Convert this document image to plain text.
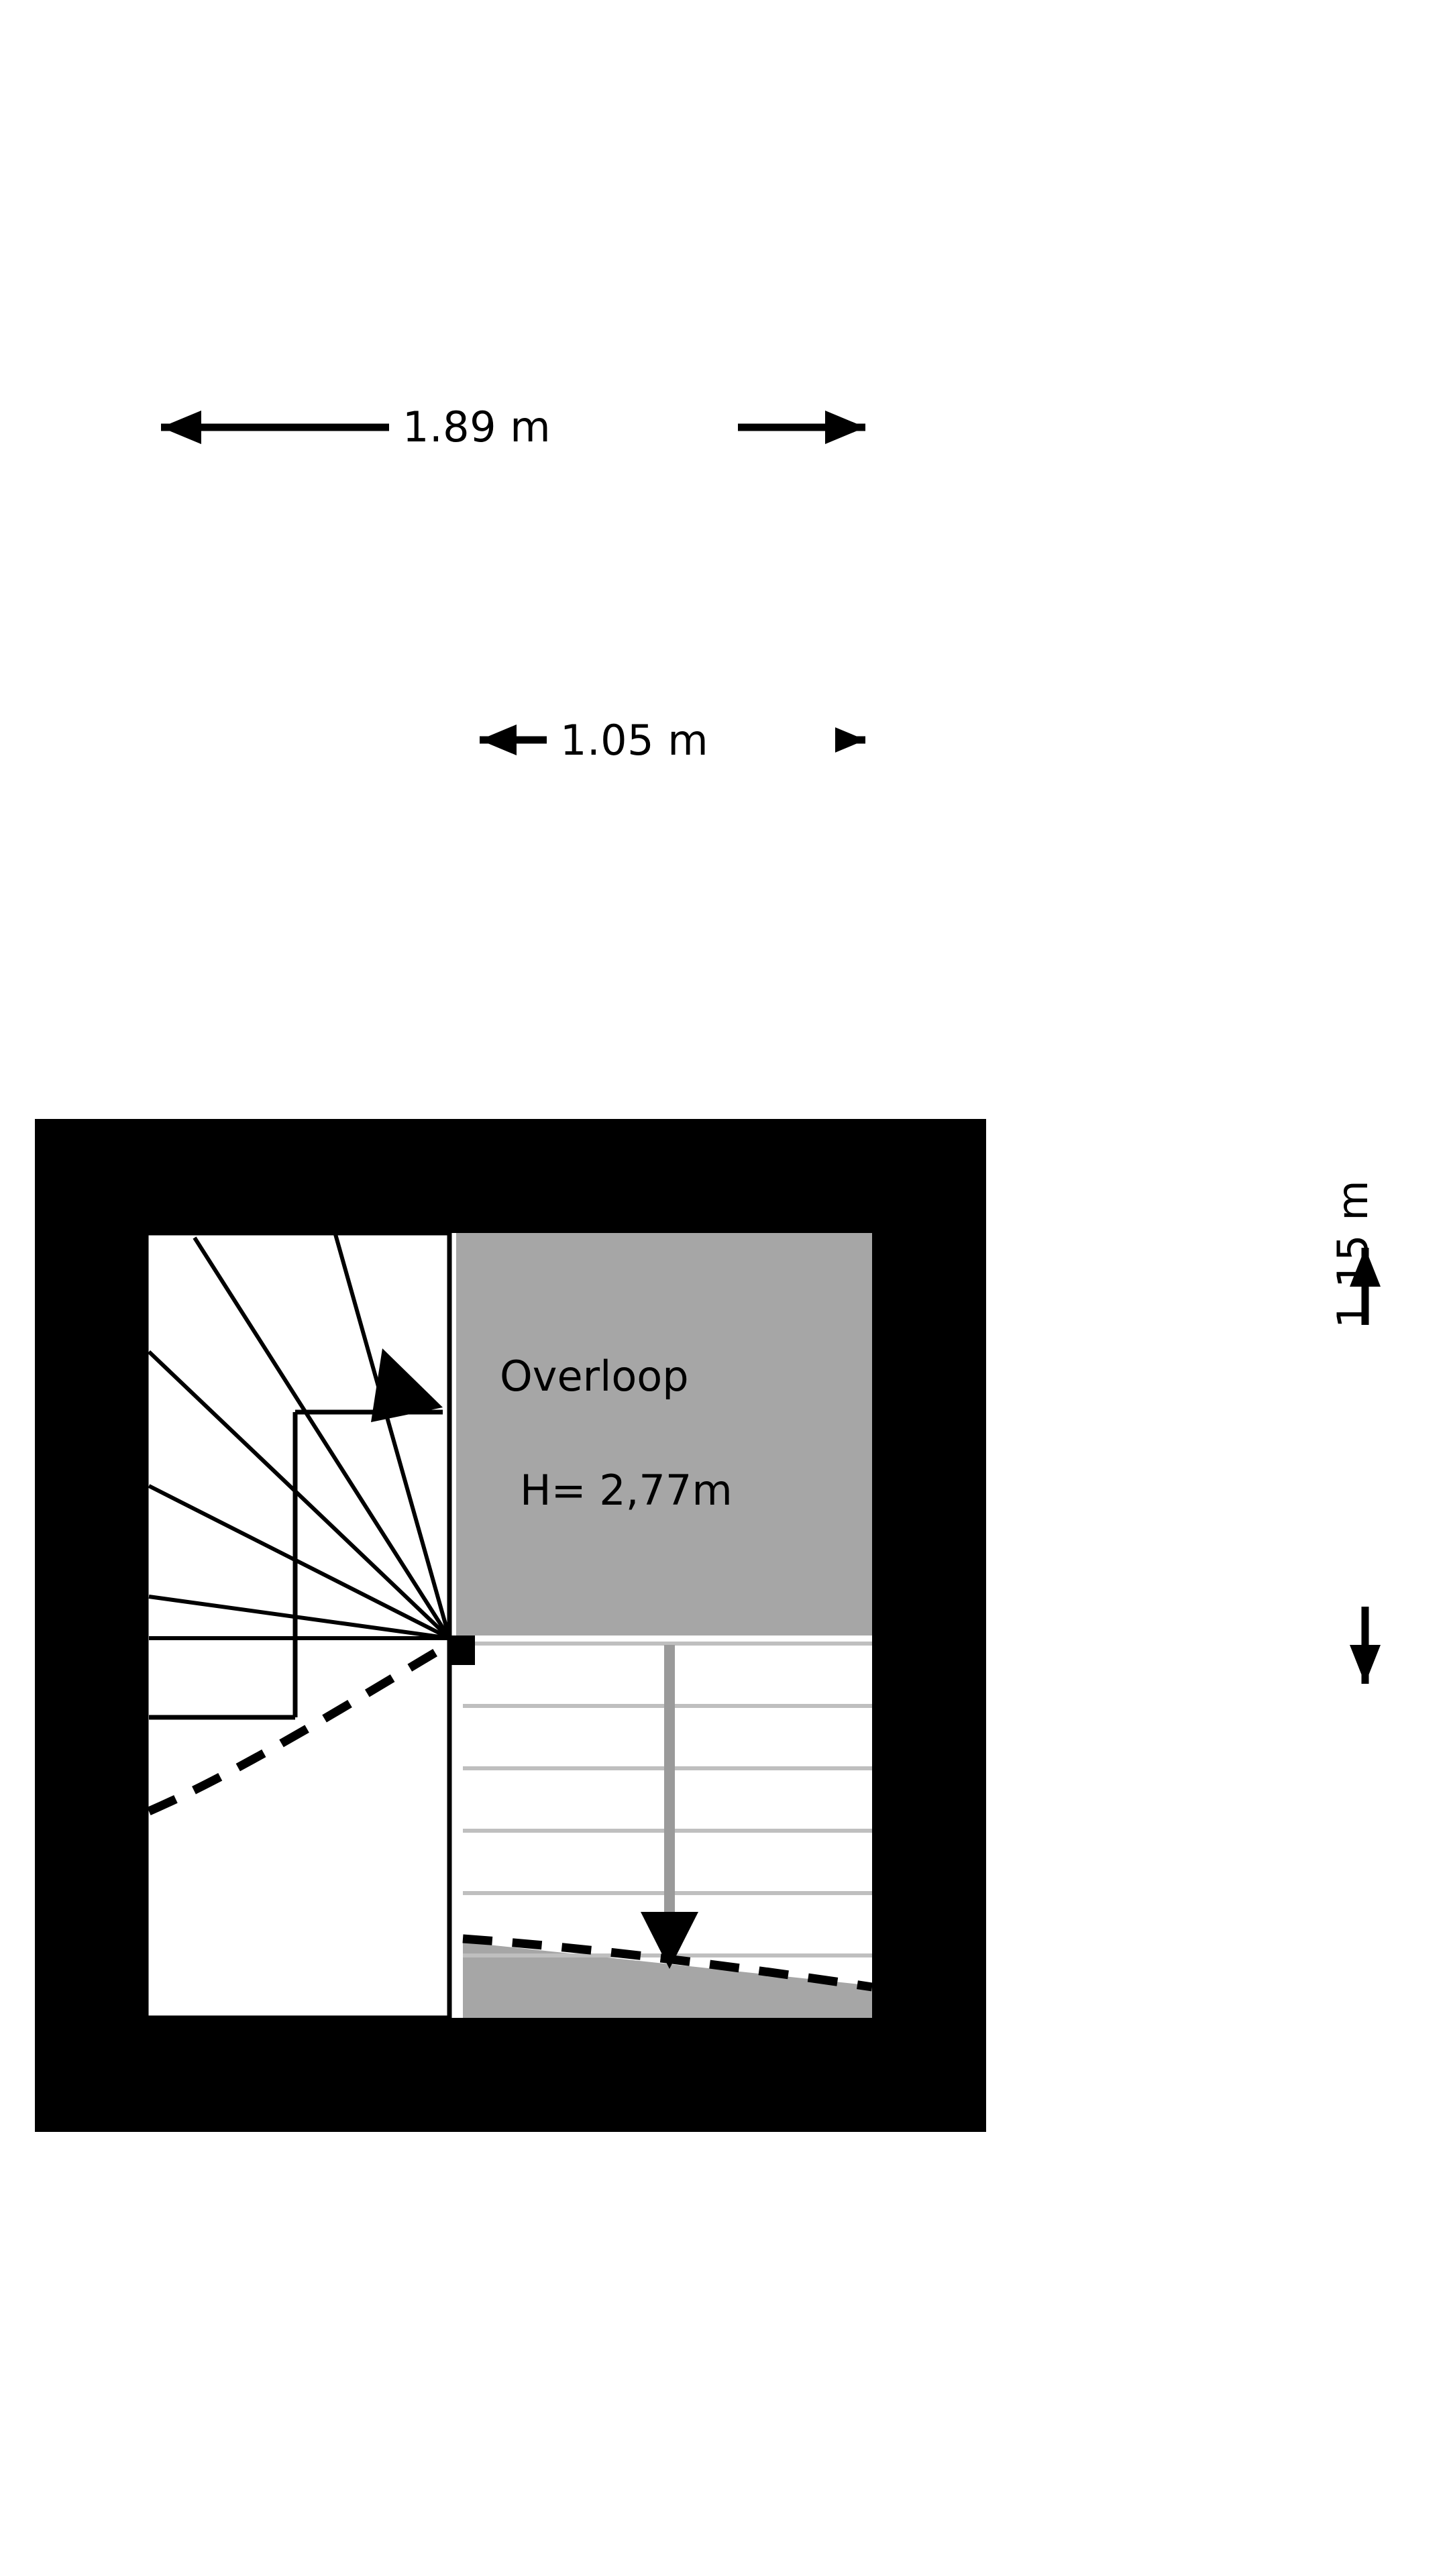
1.89 m
1.05 m
1.15 m
Overloop
H= 2,77m
